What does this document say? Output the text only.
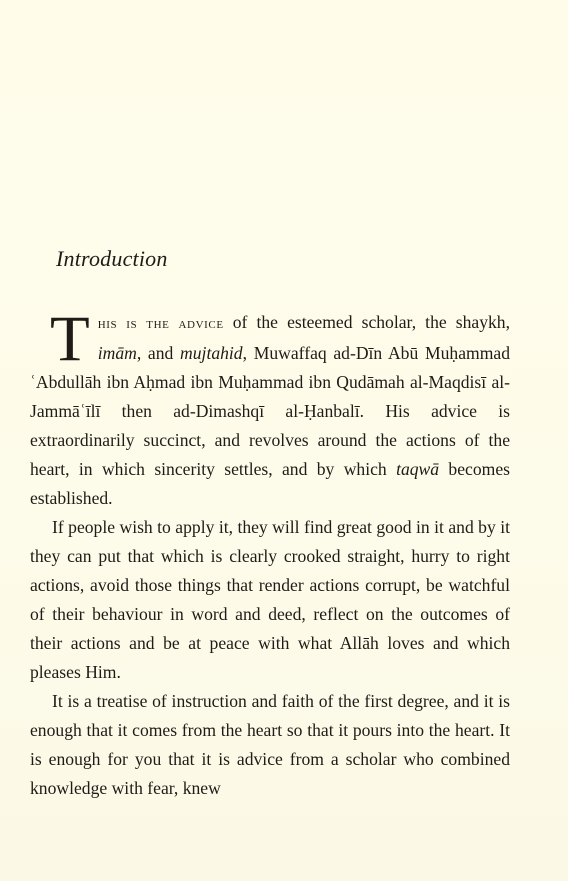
Introduction

This is the advice of the esteemed scholar, the shaykh, imām, and mujtahid, Muwaffaq ad-Dīn Abū Muḥammad ʿAbdullāh ibn Aḥmad ibn Muḥammad ibn Qudāmah al-Maqdisī al-Jammāʿīlī then ad-Dimashqī al-Ḥanbalī. His advice is extraordinarily succinct, and revolves around the actions of the heart, in which sincerity settles, and by which taqwā becomes established.

If people wish to apply it, they will find great good in it and by it they can put that which is clearly crooked straight, hurry to right actions, avoid those things that render actions corrupt, be watchful of their behaviour in word and deed, reflect on the outcomes of their actions and be at peace with what Allāh loves and which pleases Him.

It is a treatise of instruction and faith of the first degree, and it is enough that it comes from the heart so that it pours into the heart. It is enough for you that it is advice from a scholar who combined knowledge with fear, knew
